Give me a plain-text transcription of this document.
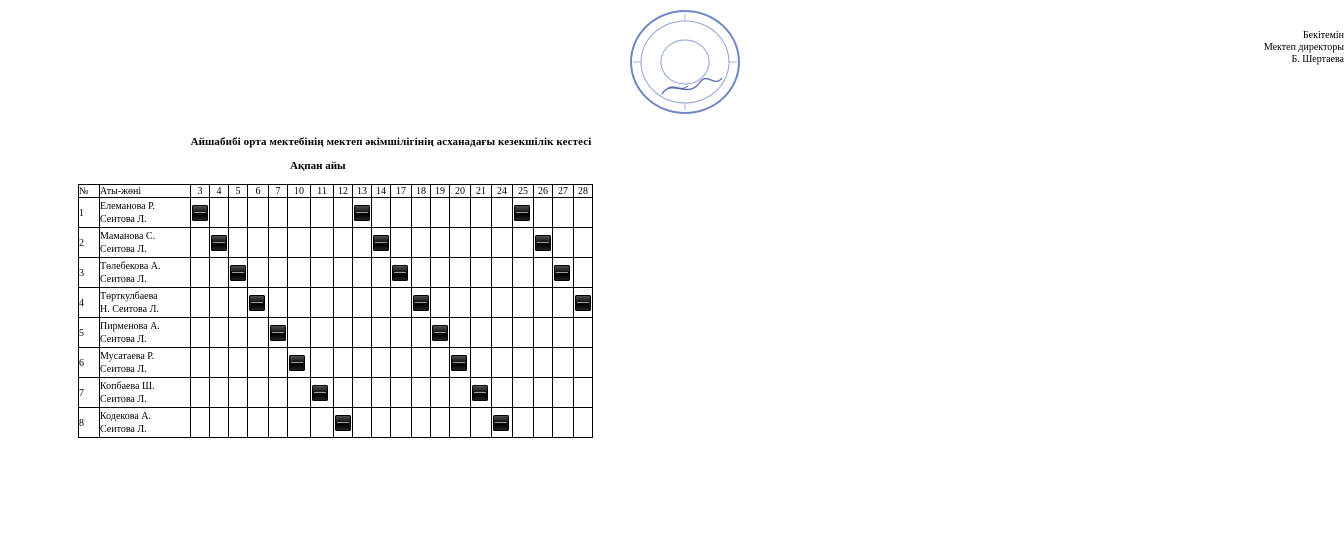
Бекітемін
Мектеп директоры
Б. Шертаева
Айшабибі орта мектебінің мектеп әкімшілігінің асханадағы кезекшілік кестесі
Ақпан айы
№	Аты-жөні	3	4	5	6	7	10	11	12	13	14	17	18	19	20	21	24	25	26	27	28
1	Елеманова Р.
Сеитова Л.																				

2	Маманова С.
Сеитова Л.																				

3	Төлебекова А.
Сеитова Л.																				

4	Төрткулбаева
Н. Сеитова Л.																				

5	Пирменова А.
Сеитова Л.																				

6	Мусатаева Р.
Сеитова Л.																				

7	Копбаева Ш.
Сеитова Л.																				

8	Кодекова А.
Сеитова Л.																				
